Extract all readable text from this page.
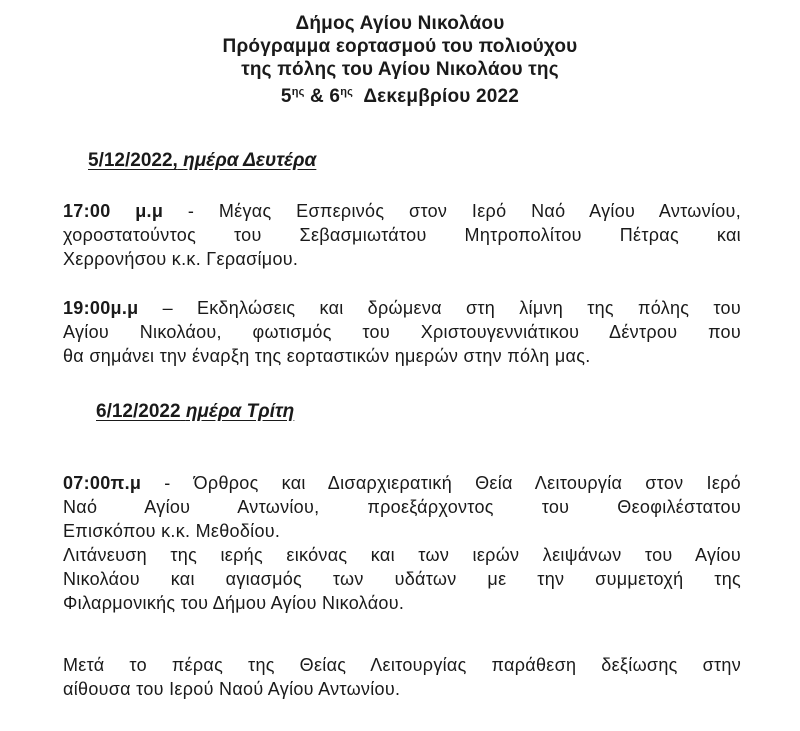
Δήμος Αγίου Νικολάου
Πρόγραμμα εορτασμού του πολιούχου
της πόλης του Αγίου Νικολάου της
$5^{\eta\varsigma}$ & $6^{\eta\varsigma}$ Δεκεμβρίου 2022
5/12/2022, ημέρα Δευτέρα
17:00 μ.μ - Μέγας Εσπερινός στον Ιερό Ναό Αγίου Αντωνίου,
χοροστατούντος του Σεβασμιωτάτου Μητροπολίτου Πέτρας και
Χερρονήσου κ.κ. Γερασίμου.
19:00μ.μ – Εκδηλώσεις και δρώμενα στη λίμνη της πόλης του
Αγίου Νικολάου, φωτισμός του Χριστουγεννιάτικου Δέντρου που
θα σημάνει την έναρξη της εορταστικών ημερών στην πόλη μας.
6/12/2022 ημέρα Τρίτη
07:00π.μ - Όρθρος και Δισαρχιερατική Θεία Λειτουργία στον Ιερό
Ναό Αγίου Αντωνίου, προεξάρχοντος του Θεοφιλέστατου
Επισκόπου κ.κ. Μεθοδίου.
Λιτάνευση της ιερής εικόνας και των ιερών λειψάνων του Αγίου
Νικολάου και αγιασμός των υδάτων με την συμμετοχή της
Φιλαρμονικής του Δήμου Αγίου Νικολάου.
Μετά το πέρας της Θείας Λειτουργίας παράθεση δεξίωσης στην
αίθουσα του Ιερού Ναού Αγίου Αντωνίου.
